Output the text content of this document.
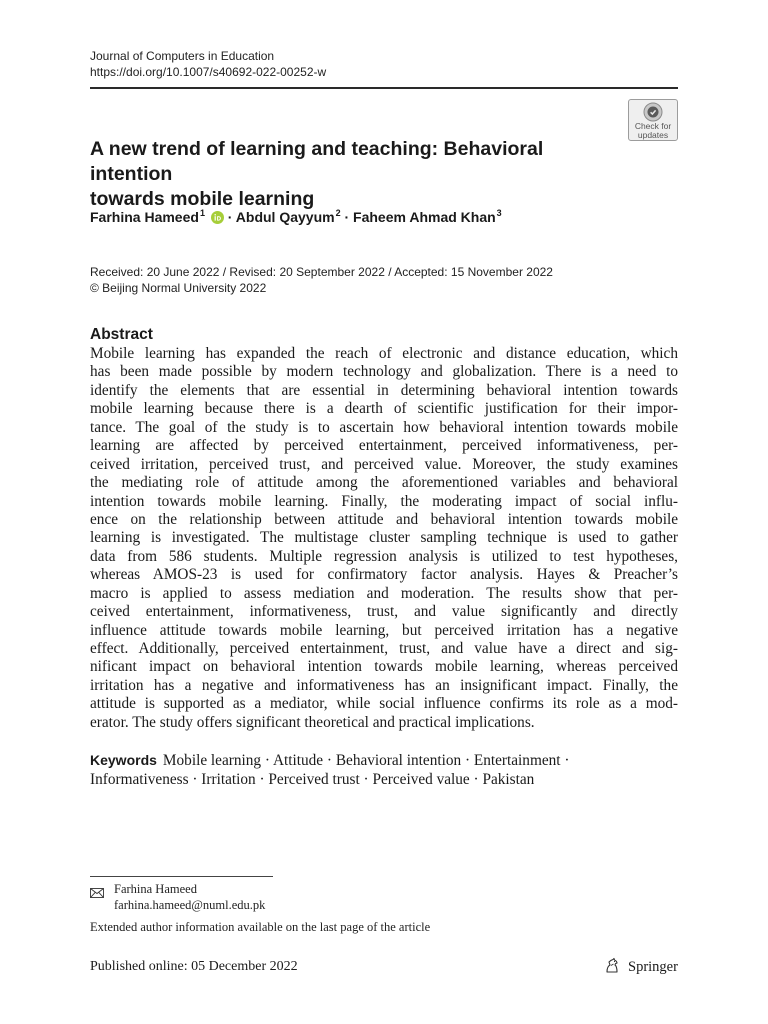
Journal of Computers in Education
https://doi.org/10.1007/s40692-022-00252-w
Check for
updates
A new trend of learning and teaching: Behavioral intention
towards mobile learning
Farhina Hameed$^1$ · Abdul Qayyum$^2$ · Faheem Ahmad Khan$^3$
Received: 20 June 2022 / Revised: 20 September 2022 / Accepted: 15 November 2022
© Beijing Normal University 2022
Abstract
Mobile learning has expanded the reach of electronic and distance education, which
has been made possible by modern technology and globalization. There is a need to
identify the elements that are essential in determining behavioral intention towards
mobile learning because there is a dearth of scientific justification for their impor-
tance. The goal of the study is to ascertain how behavioral intention towards mobile
learning are affected by perceived entertainment, perceived informativeness, per-
ceived irritation, perceived trust, and perceived value. Moreover, the study examines
the mediating role of attitude among the aforementioned variables and behavioral
intention towards mobile learning. Finally, the moderating impact of social influ-
ence on the relationship between attitude and behavioral intention towards mobile
learning is investigated. The multistage cluster sampling technique is used to gather
data from 586 students. Multiple regression analysis is utilized to test hypotheses,
whereas AMOS-23 is used for confirmatory factor analysis. Hayes & Preacher’s
macro is applied to assess mediation and moderation. The results show that per-
ceived entertainment, informativeness, trust, and value significantly and directly
influence attitude towards mobile learning, but perceived irritation has a negative
effect. Additionally, perceived entertainment, trust, and value have a direct and sig-
nificant impact on behavioral intention towards mobile learning, whereas perceived
irritation has a negative and informativeness has an insignificant impact. Finally, the
attitude is supported as a mediator, while social influence confirms its role as a mod-
erator. The study offers significant theoretical and practical implications.
Keywords Mobile learning · Attitude · Behavioral intention · Entertainment ·
Informativeness · Irritation · Perceived trust · Perceived value · Pakistan
Farhina Hameed
farhina.hameed@numl.edu.pk
Extended author information available on the last page of the article
Published online: 05 December 2022	Springer
